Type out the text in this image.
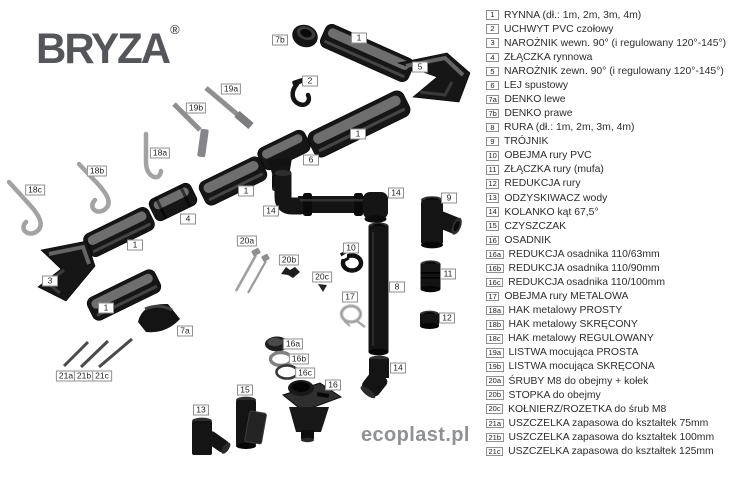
7b	1
5
2
19a
19b
1
18a
6
18b
18c	14	9
1
14
4
20a
1	10
20b
11
20c
3
8
17
1
12
7a
16a
16b
14
16c
21a 21b 21c
16
15
13
BRYZA®
ecoplast.pl
1 RYNNA (dł.: 1m, 2m, 3m, 4m)
2 UCHWYT PVC czołowy
3 NAROŻNIK wewn. 90° (i regulowany 120°-145°)
4 ZŁĄCZKA rynnowa
5 NAROŻNIK zewn. 90° (i regulowany 120°-145°)
6 LEJ spustowy
7a DENKO lewe
7b DENKO prawe
8 RURA (dł.: 1m, 2m, 3m, 4m)
9 TRÓJNIK
10 OBEJMA rury PVC
11 ZŁĄCZKA rury (mufa)
12 REDUKCJA rury
13 ODZYSKIWACZ wody
14 KOLANKO kąt 67,5°
15 CZYSZCZAK
16 OSADNIK
16a REDUKCJA osadnika 110/63mm
16b REDUKCJA osadnika 110/90mm
16c REDUKCJA osadnika 110/100mm
17 OBEJMA rury METALOWA
18a HAK metalowy PROSTY
18b HAK metalowy SKRĘCONY
18c HAK metalowy REGULOWANY
19a LISTWA mocująca PROSTA
19b LISTWA mocująca SKRĘCONA
20a ŚRUBY M8 do obejmy + kołek
20b STOPKA do obejmy
20c KOŁNIERZ/ROZETKA do śrub M8
21a USZCZELKA zapasowa do kształtek 75mm
21b USZCZELKA zapasowa do kształtek 100mm
21c USZCZELKA zapasowa do kształtek 125mm
